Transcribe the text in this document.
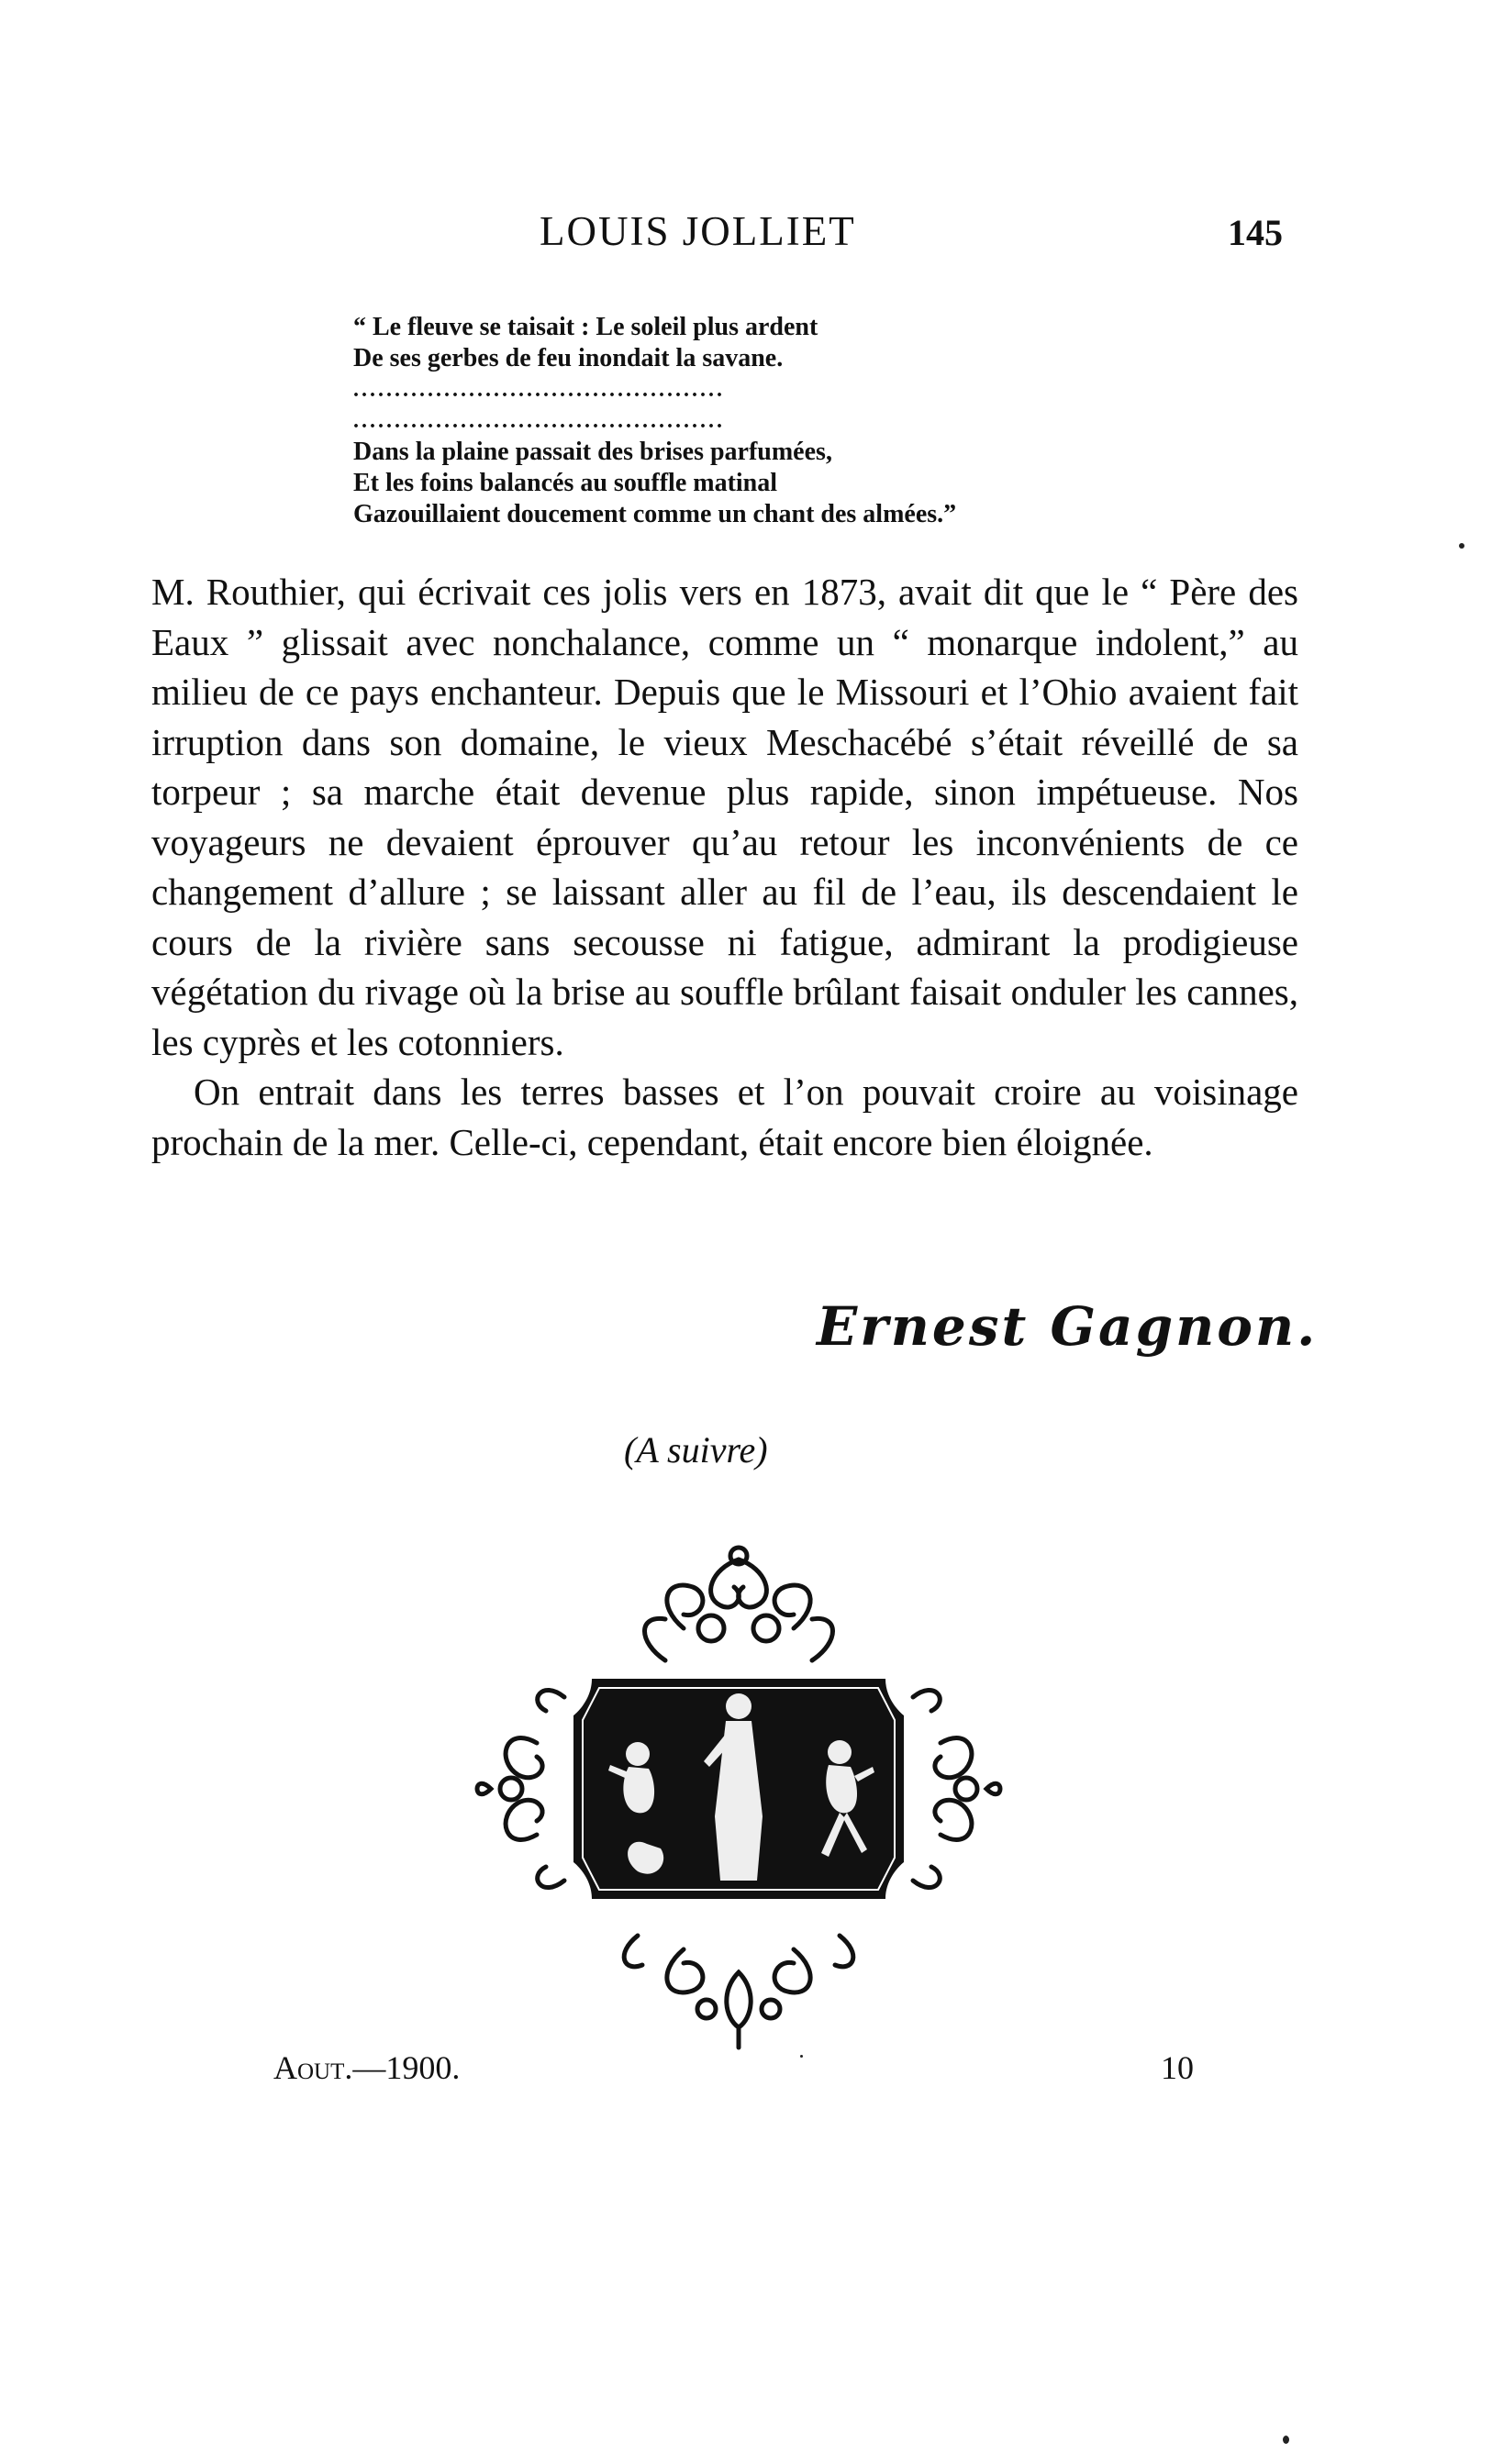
LOUIS JOLLIET	145
“ Le fleuve se taisait : Le soleil plus ardent
De ses gerbes de feu inondait la savane.
.............................................
.............................................
Dans la plaine passait des brises parfumées,
Et les foins balancés au souffle matinal
Gazouillaient doucement comme un chant des almées.”

M. Routhier, qui écrivait ces jolis vers en 1873, avait dit que le “ Père des Eaux ” glissait avec nonchalance, comme un “ monarque indolent,” au milieu de ce pays enchanteur. Depuis que le Missouri et l’Ohio avaient fait irruption dans son domaine, le vieux Meschacébé s’était réveillé de sa torpeur ; sa marche était devenue plus rapide, sinon impétueuse. Nos voyageurs ne devaient éprouver qu’au retour les inconvénients de ce changement d’allure ; se laissant aller au fil de l’eau, ils descendaient le cours de la rivière sans secousse ni fatigue, admirant la prodigieuse végétation du rivage où la brise au souffle brûlant faisait onduler les cannes, les cyprès et les cotonniers.

On entrait dans les terres basses et l’on pouvait croire au voisinage prochain de la mer. Celle-ci, cependant, était encore bien éloignée.

Ernest Gagnon.
(A suivre)
Aout.—1900.	10
